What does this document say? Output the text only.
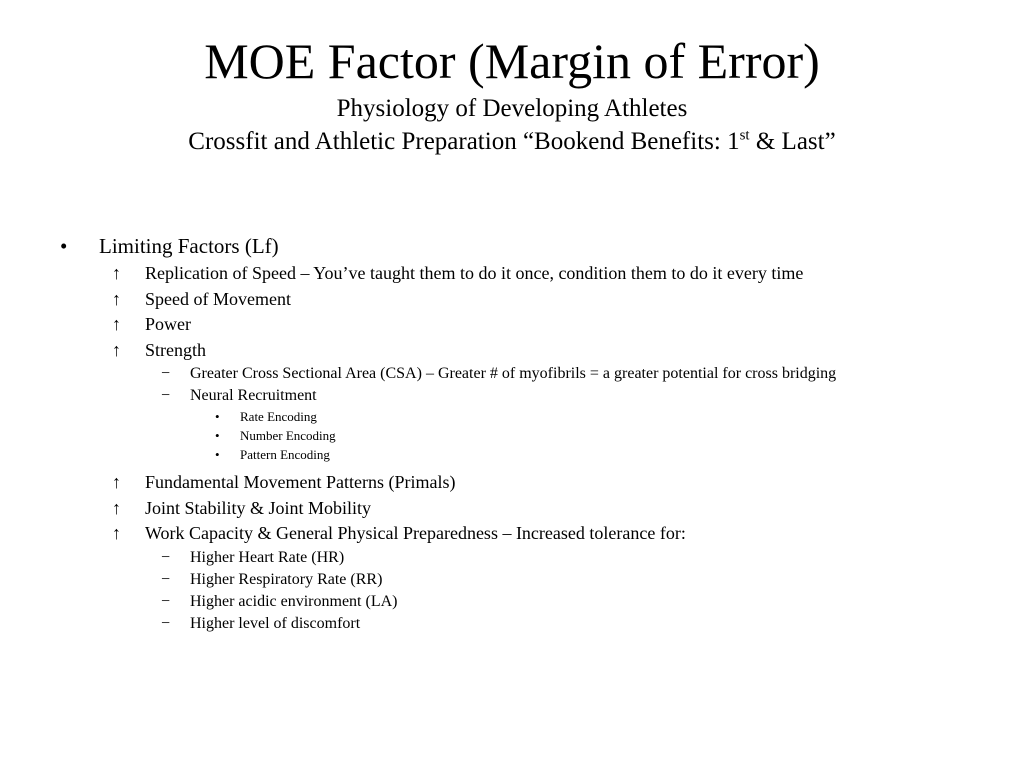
MOE Factor (Margin of Error)
Physiology of Developing Athletes
Crossfit and Athletic Preparation “Bookend Benefits: 1st & Last”
• Limiting Factors (Lf)
↑ Replication of Speed – You’ve taught them to do it once, condition them to do it every time
↑ Speed of Movement
↑ Power
↑ Strength
− Greater Cross Sectional Area (CSA) – Greater # of myofibrils = a greater potential for cross bridging
− Neural Recruitment
• Rate Encoding
• Number Encoding
• Pattern Encoding
↑ Fundamental Movement Patterns (Primals)
↑ Joint Stability & Joint Mobility
↑ Work Capacity & General Physical Preparedness – Increased tolerance for:
− Higher Heart Rate (HR)
− Higher Respiratory Rate (RR)
− Higher acidic environment (LA)
− Higher level of discomfort
